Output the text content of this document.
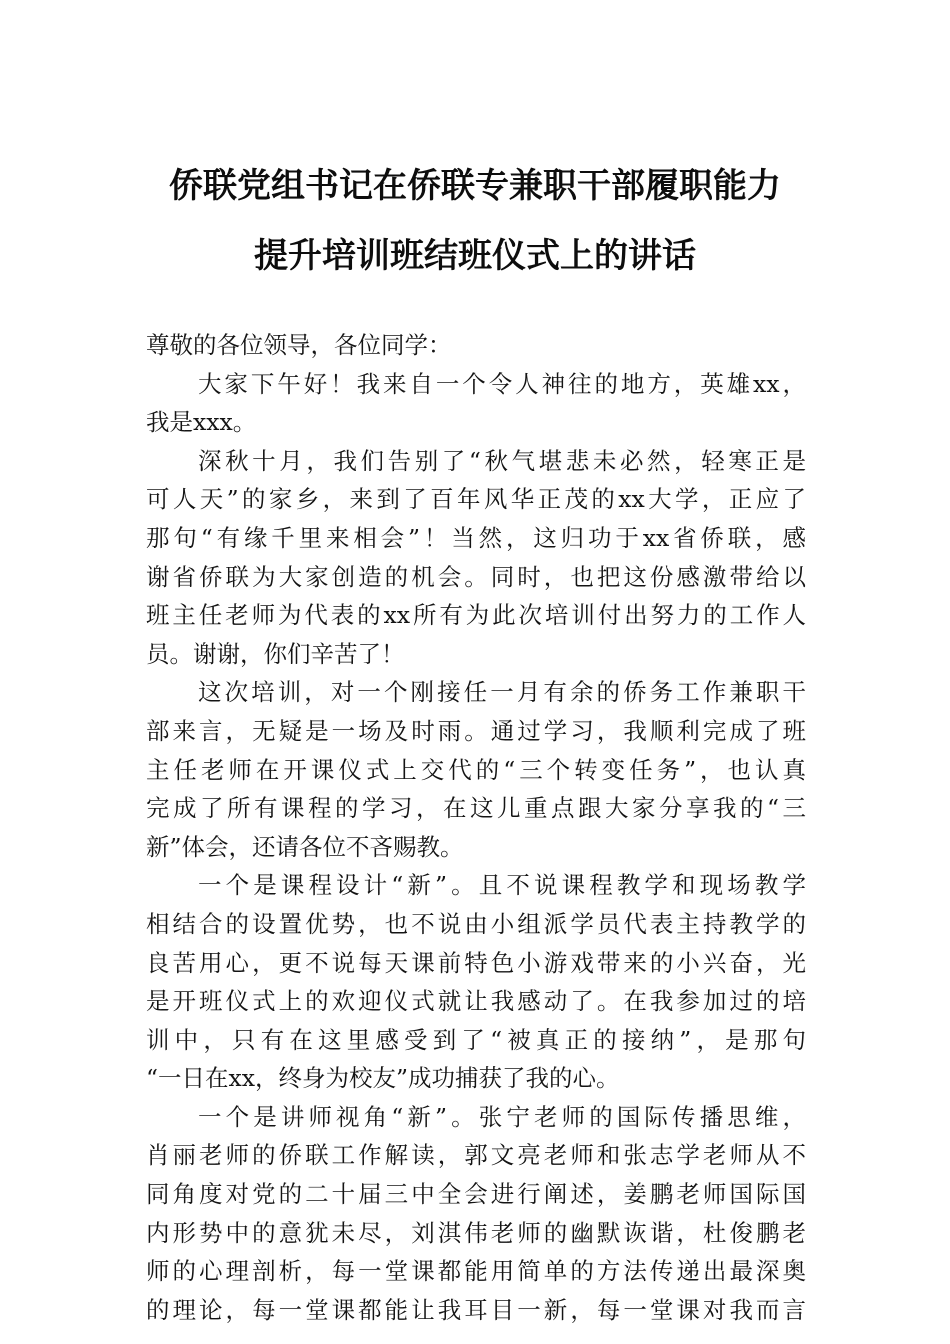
侨联党组书记在侨联专兼职干部履职能力
提升培训班结班仪式上的讲话
尊敬的各位领导，各位同学：
大家下午好！我来自一个令人神往的地方，英雄xx，
我是xxx。
深秋十月，我们告别了“秋气堪悲未必然，轻寒正是
可人天”的家乡，来到了百年风华正茂的xx大学，正应了
那句“有缘千里来相会”！当然，这归功于xx省侨联，感
谢省侨联为大家创造的机会。同时，也把这份感激带给以
班主任老师为代表的xx所有为此次培训付出努力的工作人
员。谢谢，你们辛苦了！
这次培训，对一个刚接任一月有余的侨务工作兼职干
部来言，无疑是一场及时雨。通过学习，我顺利完成了班
主任老师在开课仪式上交代的“三个转变任务”，也认真
完成了所有课程的学习，在这儿重点跟大家分享我的“三
新”体会，还请各位不吝赐教。
一个是课程设计“新”。且不说课程教学和现场教学
相结合的设置优势，也不说由小组派学员代表主持教学的
良苦用心，更不说每天课前特色小游戏带来的小兴奋，光
是开班仪式上的欢迎仪式就让我感动了。在我参加过的培
训中，只有在这里感受到了“被真正的接纳”，是那句
“一日在xx，终身为校友”成功捕获了我的心。
一个是讲师视角“新”。张宁老师的国际传播思维，
肖丽老师的侨联工作解读，郭文亮老师和张志学老师从不
同角度对党的二十届三中全会进行阐述，姜鹏老师国际国
内形势中的意犹未尽，刘淇伟老师的幽默诙谐，杜俊鹏老
师的心理剖析，每一堂课都能用简单的方法传递出最深奥
的理论，每一堂课都能让我耳目一新，每一堂课对我而言
